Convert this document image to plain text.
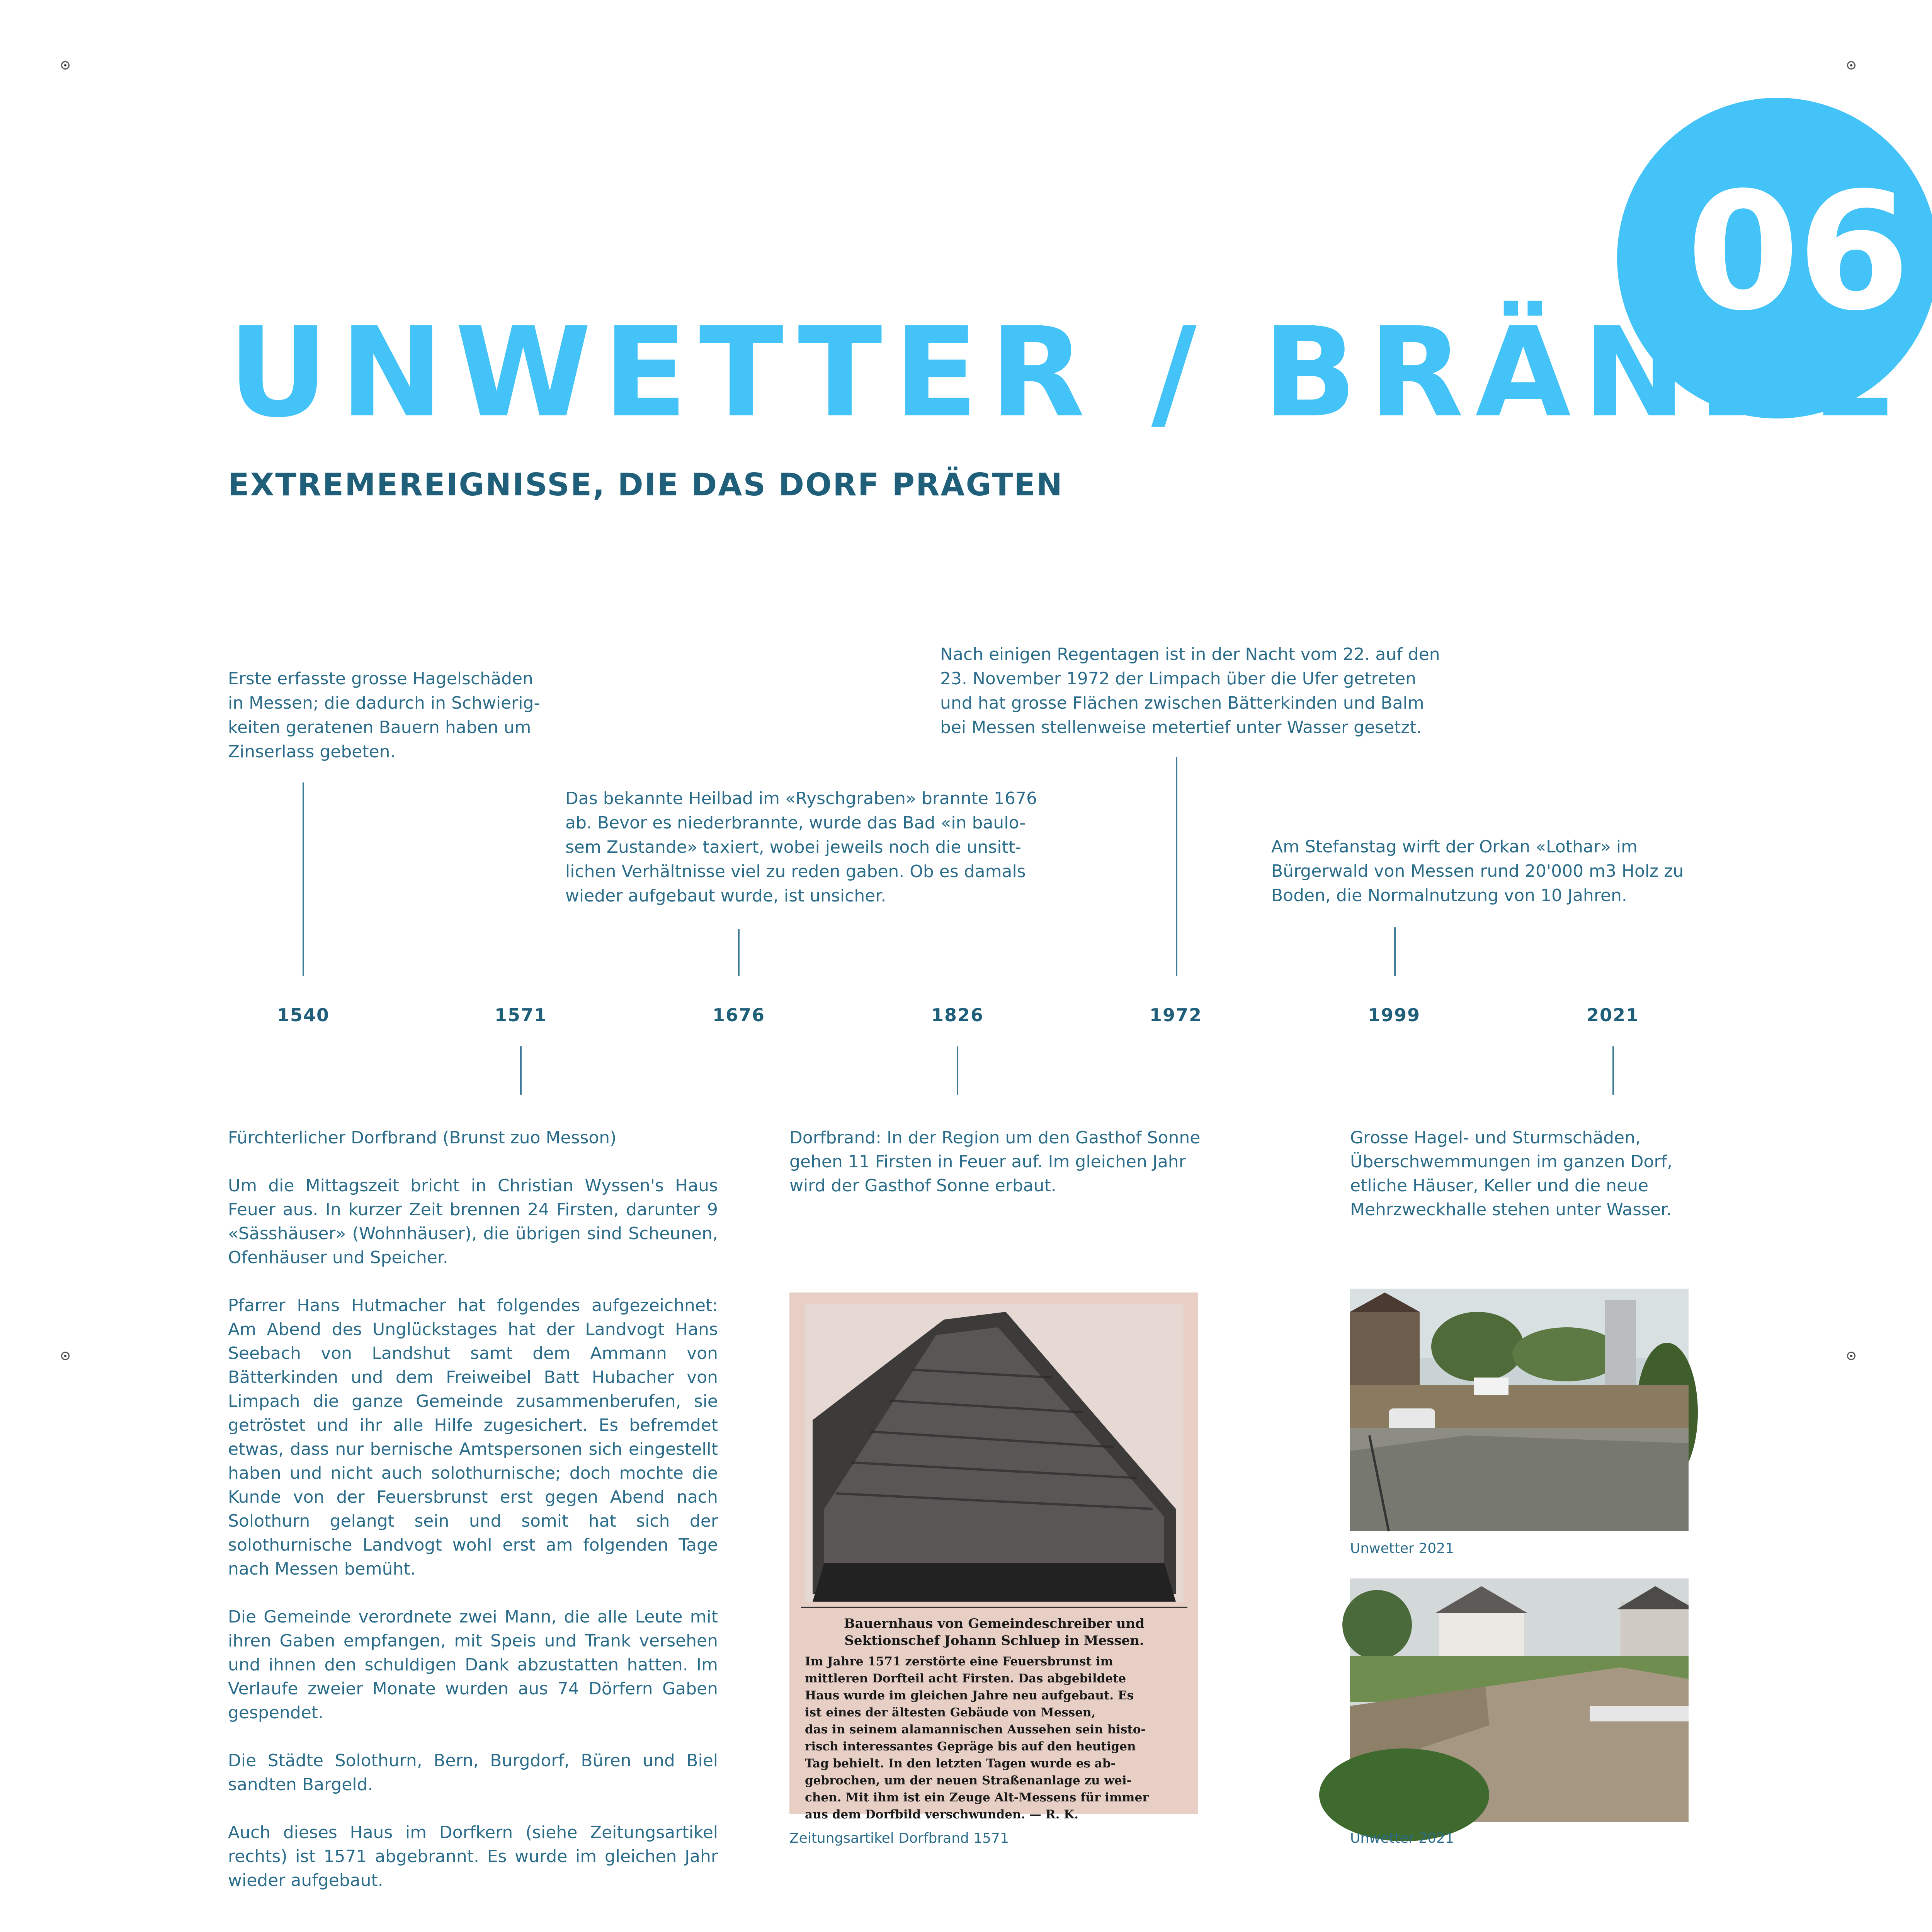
06
UNWETTER / BRÄNDE
EXTREMEREIGNISSE, DIE DAS DORF PRÄGTEN
Erste erfasste grosse Hagelschäden
in Messen; die dadurch in Schwierig-
keiten geratenen Bauern haben um
Zinserlass gebeten.
Das bekannte Heilbad im «Ryschgraben» brannte 1676
ab. Bevor es niederbrannte, wurde das Bad «in baulo-
sem Zustande» taxiert, wobei jeweils noch die unsitt-
lichen Verhältnisse viel zu reden gaben. Ob es damals
wieder aufgebaut wurde, ist unsicher.
Nach einigen Regentagen ist in der Nacht vom 22. auf den
23. November 1972 der Limpach über die Ufer getreten
und hat grosse Flächen zwischen Bätterkinden und Balm
bei Messen stellenweise metertief unter Wasser gesetzt.
Am Stefanstag wirft der Orkan «Lothar» im
Bürgerwald von Messen rund 20'000 m3 Holz zu
Boden, die Normalnutzung von 10 Jahren.
1540	1571	1676	1826	1972	1999	2021

Fürchterlicher Dorfbrand (Brunst zuo Messon)

Um die Mittagszeit bricht in Christian Wyssen's Haus Feuer aus. In kurzer Zeit brennen 24 Firsten, darunter 9 «Sässhäuser» (Wohnhäuser), die übrigen sind Scheunen, Ofenhäuser und Speicher.

Pfarrer Hans Hutmacher hat folgendes aufgezeichnet: Am Abend des Unglückstages hat der Landvogt Hans Seebach von Landshut samt dem Ammann von Bätterkinden und dem Freiweibel Batt Hubacher von Limpach die ganze Gemeinde zusammenberufen, sie getröstet und ihr alle Hilfe zugesichert. Es befremdet etwas, dass nur bernische Amtspersonen sich eingestellt haben und nicht auch solothurnische; doch mochte die Kunde von der Feuersbrunst erst gegen Abend nach Solothurn gelangt sein und somit hat sich der solothurnische Landvogt wohl erst am folgenden Tage nach Messen bemüht.

Die Gemeinde verordnete zwei Mann, die alle Leute mit ihren Gaben empfangen, mit Speis und Trank versehen und ihnen den schuldigen Dank abzustatten hatten. Im Verlaufe zweier Monate wurden aus 74 Dörfern Gaben gespendet.

Die Städte Solothurn, Bern, Burgdorf, Büren und Biel sandten Bargeld.

Auch dieses Haus im Dorfkern (siehe Zeitungsartikel rechts) ist 1571 abgebrannt. Es wurde im gleichen Jahr wieder aufgebaut.

Dorfbrand: In der Region um den Gasthof Sonne gehen 11 Firsten in Feuer auf. Im gleichen Jahr wird der Gasthof Sonne erbaut.
Bauernhaus von Gemeindeschreiber und Sektionschef Johann Schluep in Messen.
Im Jahre 1571 zerstörte eine Feuersbrunst im
mittleren Dorfteil acht Firsten. Das abgebildete
Haus wurde im gleichen Jahre neu aufgebaut. Es
ist eines der ältesten Gebäude von Messen,
das in seinem alamannischen Aussehen sein histo-
risch interessantes Gepräge bis auf den heutigen
Tag behielt. In den letzten Tagen wurde es ab-
gebrochen, um der neuen Straßenanlage zu wei-
chen. Mit ihm ist ein Zeuge Alt-Messens für immer
aus dem Dorfbild verschwunden. — R. K.
Zeitungsartikel Dorfbrand 1571
Grosse Hagel- und Sturmschäden, Überschwemmungen im ganzen Dorf, etliche Häuser, Keller und die neue Mehrzweckhalle stehen unter Wasser.
Unwetter 2021
Unwetter 2021
